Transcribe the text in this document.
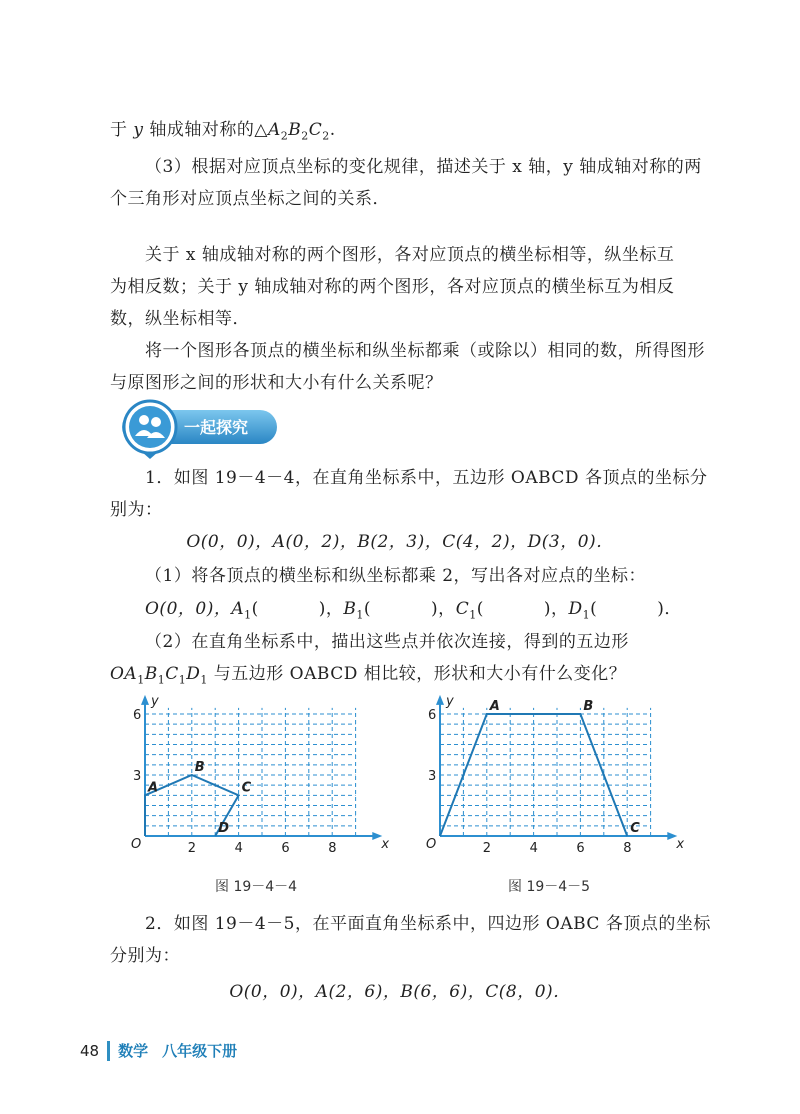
于 y 轴成轴对称的$\triangle A_2B_2C_2$.
（3）根据对应顶点坐标的变化规律，描述关于 x 轴，y 轴成轴对称的两
个三角形对应顶点坐标之间的关系．
关于 x 轴成轴对称的两个图形，各对应顶点的横坐标相等，纵坐标互
为相反数；关于 y 轴成轴对称的两个图形，各对应顶点的横坐标互为相反
数，纵坐标相等．
将一个图形各顶点的横坐标和纵坐标都乘（或除以）相同的数，所得图形
与原图形之间的形状和大小有什么关系呢？
一起探究
1．如图 19－4－4，在直角坐标系中，五边形 OABCD 各顶点的坐标分
别为：
O(0，0)，A(0，2)，B(2，3)，C(4，2)，D(3，0)．
（1）将各顶点的横坐标和纵坐标都乘 2，写出各对应点的坐标：
O(0，0)，$A_1$(	)，$B_1$(	)，$C_1$(	)，$D_1$(	)．
（2）在直角坐标系中，描出这些点并依次连接，得到的五边形
$OA_1B_1C_1D_1$ 与五边形 OABCD 相比较，形状和大小有什么变化？
x
y
O	2	4	6	8
3
6
A
B
C
D
图 19－4－4
x
y
O	2	4	6	8
3
6
A	B
C
图 19－4－5
2．如图 19－4－5，在平面直角坐标系中，四边形 OABC 各顶点的坐标
分别为：
O(0，0)，A(2，6)，B(6，6)，C(8，0)．
48 数学 八年级下册
